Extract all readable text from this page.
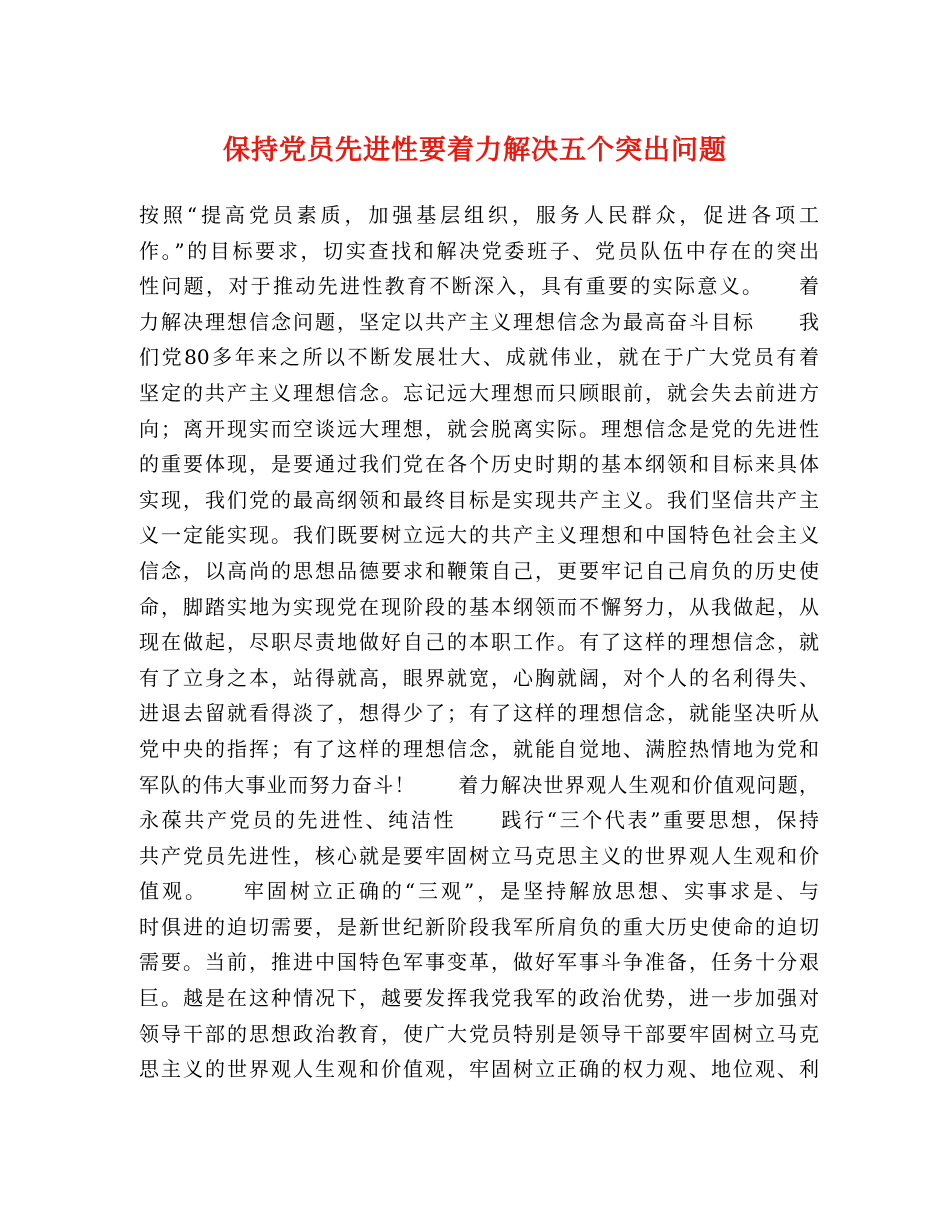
保持党员先进性要着力解决五个突出问题
按照“提高党员素质，加强基层组织，服务人民群众，促进各项工
作。”的目标要求，切实查找和解决党委班子、党员队伍中存在的突出
性问题，对于推动先进性教育不断深入，具有重要的实际意义。　　着
力解决理想信念问题，坚定以共产主义理想信念为最高奋斗目标　　我
们党80多年来之所以不断发展壮大、成就伟业，就在于广大党员有着
坚定的共产主义理想信念。忘记远大理想而只顾眼前，就会失去前进方
向；离开现实而空谈远大理想，就会脱离实际。理想信念是党的先进性
的重要体现，是要通过我们党在各个历史时期的基本纲领和目标来具体
实现，我们党的最高纲领和最终目标是实现共产主义。我们坚信共产主
义一定能实现。我们既要树立远大的共产主义理想和中国特色社会主义
信念，以高尚的思想品德要求和鞭策自己，更要牢记自己肩负的历史使
命，脚踏实地为实现党在现阶段的基本纲领而不懈努力，从我做起，从
现在做起，尽职尽责地做好自己的本职工作。有了这样的理想信念，就
有了立身之本，站得就高，眼界就宽，心胸就阔，对个人的名利得失、
进退去留就看得淡了，想得少了；有了这样的理想信念，就能坚决听从
党中央的指挥；有了这样的理想信念，就能自觉地、满腔热情地为党和
军队的伟大事业而努力奋斗！　　着力解决世界观人生观和价值观问题，
永葆共产党员的先进性、纯洁性　　践行“三个代表”重要思想，保持
共产党员先进性，核心就是要牢固树立马克思主义的世界观人生观和价
值观。　　牢固树立正确的“三观”，是坚持解放思想、实事求是、与
时俱进的迫切需要，是新世纪新阶段我军所肩负的重大历史使命的迫切
需要。当前，推进中国特色军事变革，做好军事斗争准备，任务十分艰
巨。越是在这种情况下，越要发挥我党我军的政治优势，进一步加强对
领导干部的思想政治教育，使广大党员特别是领导干部要牢固树立马克
思主义的世界观人生观和价值观，牢固树立正确的权力观、地位观、利
